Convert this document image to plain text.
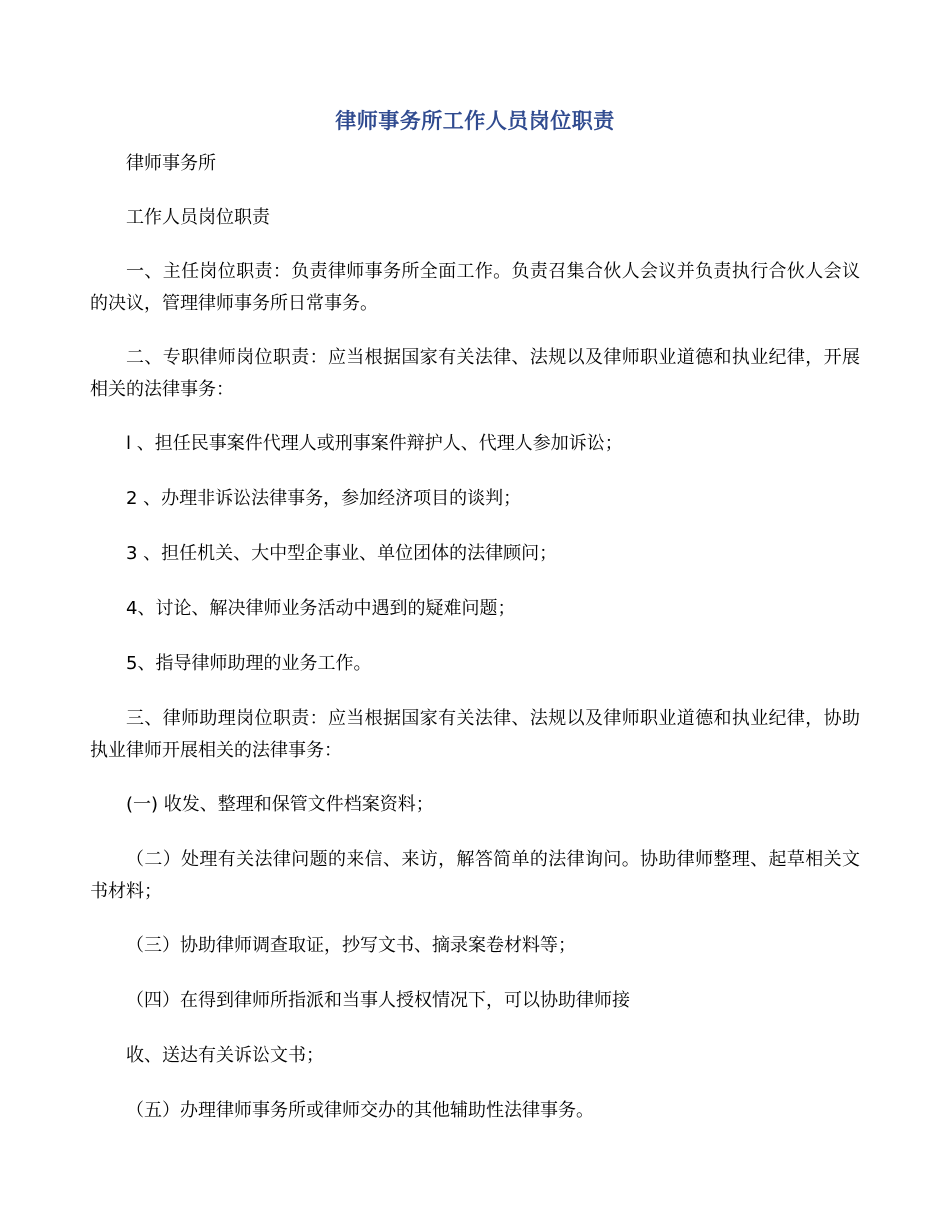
律师事务所工作人员岗位职责

律师事务所

工作人员岗位职责

一、主任岗位职责：负责律师事务所全面工作。负责召集合伙人会议并负责执行合伙人会议的决议，管理律师事务所日常事务。

二、专职律师岗位职责：应当根据国家有关法律、法规以及律师职业道德和执业纪律，开展相关的法律事务：

l 、担任民事案件代理人或刑事案件辩护人、代理人参加诉讼；

2 、办理非诉讼法律事务，参加经济项目的谈判；

3 、担任机关、大中型企事业、单位团体的法律顾问；

4、讨论、解决律师业务活动中遇到的疑难问题；

5、指导律师助理的业务工作。

三、律师助理岗位职责：应当根据国家有关法律、法规以及律师职业道德和执业纪律，协助执业律师开展相关的法律事务：

(一) 收发、整理和保管文件档案资料；

（二）处理有关法律问题的来信、来访，解答简单的法律询问。协助律师整理、起草相关文书材料；

（三）协助律师调查取证，抄写文书、摘录案卷材料等；

（四）在得到律师所指派和当事人授权情况下，可以协助律师接

收、送达有关诉讼文书；

（五）办理律师事务所或律师交办的其他辅助性法律事务。
